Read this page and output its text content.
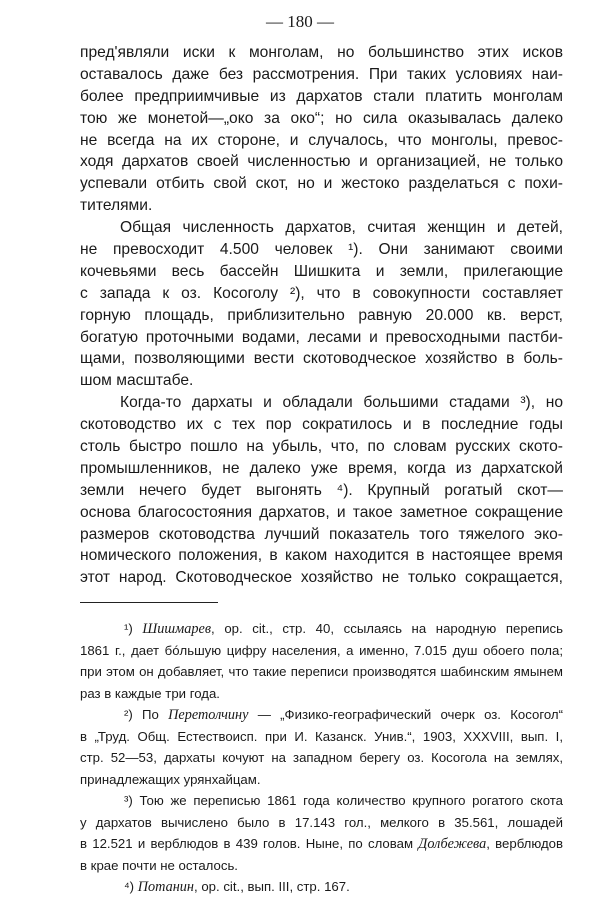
— 180 —
пред'являли иски к монголам, но большинство этих исков
оставалось даже без рассмотрения. При таких условиях наи-
более предприимчивые из дархатов стали платить монголам
тою же монетой—„око за око“; но сила оказывалась далеко
не всегда на их стороне, и случалось, что монголы, превос-
ходя дархатов своей численностью и организацией, не только
успевали отбить свой скот, но и жестоко разделаться с похи-
тителями.
Общая численность дархатов, считая женщин и детей,
не превосходит 4.500 человек ¹). Они занимают своими
кочевьями весь бассейн Шишкита и земли, прилегающие
с запада к оз. Косоголу ²), что в совокупности составляет
горную площадь, приблизительно равную 20.000 кв. верст,
богатую проточными водами, лесами и превосходными пастби-
щами, позволяющими вести скотоводческое хозяйство в боль-
шом масштабе.
Когда-то дархаты и обладали большими стадами ³), но
скотоводство их с тех пор сократилось и в последние годы
столь быстро пошло на убыль, что, по словам русских ското-
промышленников, не далеко уже время, когда из дархатской
земли нечего будет выгонять ⁴). Крупный рогатый скот—
основа благосостояния дархатов, и такое заметное сокращение
размеров скотоводства лучший показатель того тяжелого эко-
номического положения, в каком находится в настоящее время
этот народ. Скотоводческое хозяйство не только сокращается,
¹) Шишмарев, op. cit., стр. 40, ссылаясь на народную перепись
1861 г., дает бóльшую цифру населения, а именно, 7.015 душ обоего пола;
при этом он добавляет, что такие переписи производятся шабинским ямынем
раз в каждые три года.
²) По Перетолчину — „Физико-географический очерк оз. Косогол“
в „Труд. Общ. Естествоисп. при И. Казанск. Унив.“, 1903, XXXVIII, вып. I,
стр. 52—53, дархаты кочуют на западном берегу оз. Косогола на землях,
принадлежащих урянхайцам.
³) Тою же переписью 1861 года количество крупного рогатого скота
у дархатов вычислено было в 17.143 гол., мелкого в 35.561, лошадей
в 12.521 и верблюдов в 439 голов. Ныне, по словам Долбежева, верблюдов
в крае почти не осталось.
⁴) Потанин, op. cit., вып. III, стр. 167.
